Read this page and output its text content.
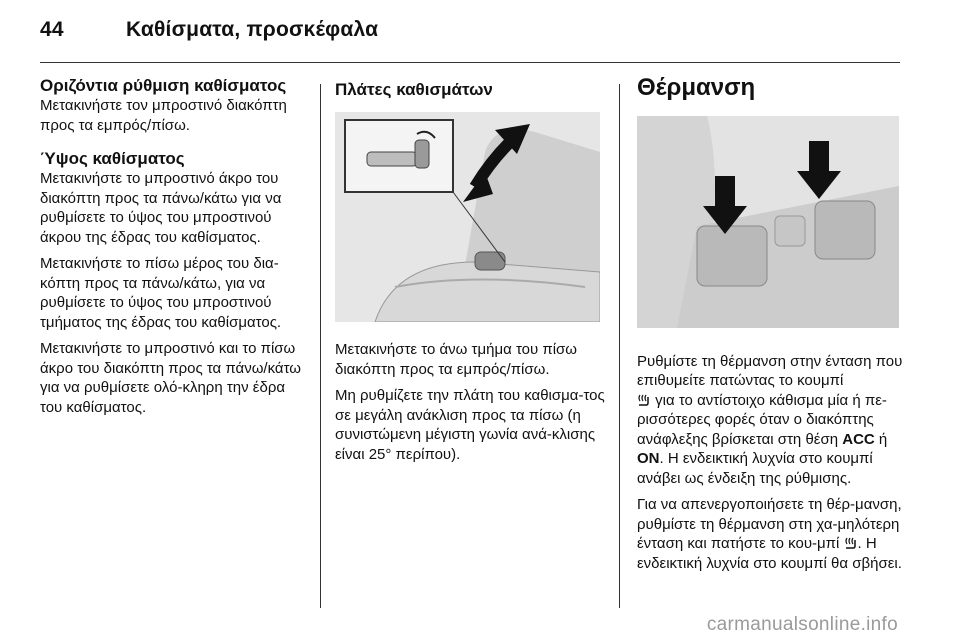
44	Καθίσματα, προσκέφαλα
Οριζόντια ρύθμιση καθίσματος

Μετακινήστε τον μπροστινό διακόπτη προς τα εμπρός/πίσω.

Ύψος καθίσματος

Μετακινήστε το μπροστινό άκρο του διακόπτη προς τα πάνω/κάτω για να ρυθμίσετε το ύψος του μπροστινού άκρου της έδρας του καθίσματος.

Μετακινήστε το πίσω μέρος του δια-κόπτη προς τα πάνω/κάτω, για να ρυθμίσετε το ύψος του μπροστινού τμήματος της έδρας του καθίσματος.

Μετακινήστε το μπροστινό και το πίσω άκρο του διακόπτη προς τα πάνω/κάτω για να ρυθμίσετε ολό-κληρη την έδρα του καθίσματος.

Πλάτες καθισμάτων

Μετακινήστε το άνω τμήμα του πίσω διακόπτη προς τα εμπρός/πίσω.

Μη ρυθμίζετε την πλάτη του καθισμα-τος σε μεγάλη ανάκλιση προς τα πίσω (η συνιστώμενη μέγιστη γωνία ανά-κλισης είναι 25° περίπου).

Θέρμανση

Ρυθμίστε τη θέρμανση στην ένταση που επιθυμείτε πατώντας το κουμπί
για το αντίστοιχο κάθισμα μία ή πε-ρισσότερες φορές όταν ο διακόπτης ανάφλεξης βρίσκεται στη θέση ACC ή ON. Η ενδεικτική λυχνία στο κουμπί ανάβει ως ένδειξη της ρύθμισης.

Για να απενεργοποιήσετε τη θέρ-μανση, ρυθμίστε τη θέρμανση στη χα-μηλότερη ένταση και πατήστε το κου-μπί . Η ενδεικτική λυχνία στο κουμπί θα σβήσει.

carmanualsonline.info
